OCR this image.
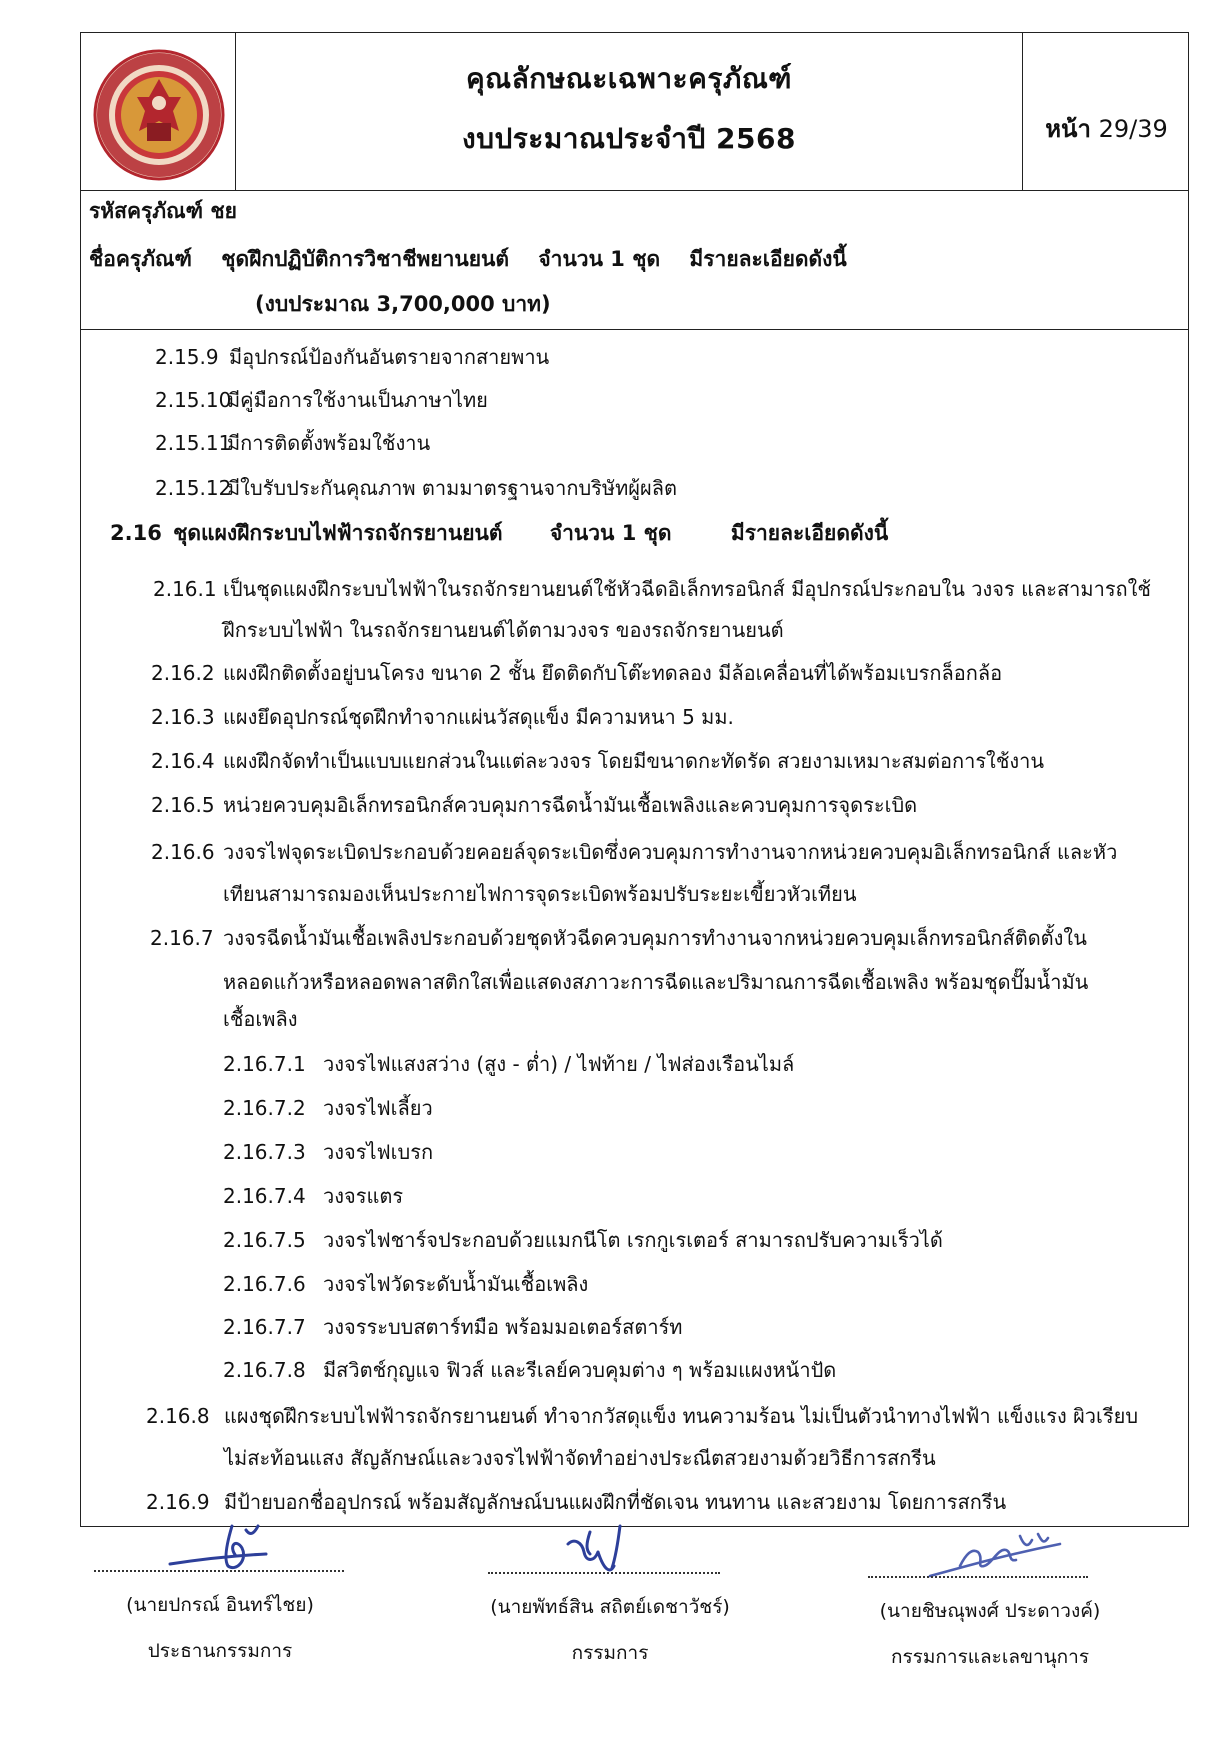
คุณลักษณะเฉพาะครุภัณฑ์
งบประมาณประจำปี 2568	หน้า 29/39
รหัสครุภัณฑ์ ชย
ชื่อครุภัณฑ์ ชุดฝึกปฏิบัติการวิชาชีพยานยนต์ จำนวน 1 ชุด มีรายละเอียดดังนี้
(งบประมาณ 3,700,000 บาท)
2.15.9 มีอุปกรณ์ป้องกันอันตรายจากสายพาน
2.15.10มีคู่มือการใช้งานเป็นภาษาไทย
2.15.11มีการติดตั้งพร้อมใช้งาน
2.15.12มีใบรับประกันคุณภาพ ตามมาตรฐานจากบริษัทผู้ผลิต
2.16 ชุดแผงฝึกระบบไฟฟ้ารถจักรยานยนต์ จำนวน 1 ชุด	มีรายละเอียดดังนี้
2.16.1 เป็นชุดแผงฝึกระบบไฟฟ้าในรถจักรยานยนต์ใช้หัวฉีดอิเล็กทรอนิกส์ มีอุปกรณ์ประกอบใน วงจร และสามารถใช้
ฝึกระบบไฟฟ้า ในรถจักรยานยนต์ได้ตามวงจร ของรถจักรยานยนต์
2.16.2 แผงฝึกติดตั้งอยู่บนโครง ขนาด 2 ชั้น ยึดติดกับโต๊ะทดลอง มีล้อเคลื่อนที่ได้พร้อมเบรกล็อกล้อ
2.16.3 แผงยึดอุปกรณ์ชุดฝึกทำจากแผ่นวัสดุแข็ง มีความหนา 5 มม.
2.16.4 แผงฝึกจัดทำเป็นแบบแยกส่วนในแต่ละวงจร โดยมีขนาดกะทัดรัด สวยงามเหมาะสมต่อการใช้งาน
2.16.5 หน่วยควบคุมอิเล็กทรอนิกส์ควบคุมการฉีดน้ำมันเชื้อเพลิงและควบคุมการจุดระเบิด
2.16.6 วงจรไฟจุดระเบิดประกอบด้วยคอยล์จุดระเบิดซึ่งควบคุมการทำงานจากหน่วยควบคุมอิเล็กทรอนิกส์ และหัว
เทียนสามารถมองเห็นประกายไฟการจุดระเบิดพร้อมปรับระยะเขี้ยวหัวเทียน
2.16.7 วงจรฉีดน้ำมันเชื้อเพลิงประกอบด้วยชุดหัวฉีดควบคุมการทำงานจากหน่วยควบคุมเล็กทรอนิกส์ติดตั้งใน
หลอดแก้วหรือหลอดพลาสติกใสเพื่อแสดงสภาวะการฉีดและปริมาณการฉีดเชื้อเพลิง พร้อมชุดปั๊มน้ำมัน
เชื้อเพลิง
2.16.7.1 วงจรไฟแสงสว่าง (สูง - ต่ำ) / ไฟท้าย / ไฟส่องเรือนไมล์
2.16.7.2 วงจรไฟเลี้ยว
2.16.7.3 วงจรไฟเบรก
2.16.7.4 วงจรแตร
2.16.7.5 วงจรไฟชาร์จประกอบด้วยแมกนีโต เรกกูเรเตอร์ สามารถปรับความเร็วได้
2.16.7.6 วงจรไฟวัดระดับน้ำมันเชื้อเพลิง
2.16.7.7 วงจรระบบสตาร์ทมือ พร้อมมอเตอร์สตาร์ท
2.16.7.8 มีสวิตช์กุญแจ ฟิวส์ และรีเลย์ควบคุมต่าง ๆ พร้อมแผงหน้าปัด
2.16.8 แผงชุดฝึกระบบไฟฟ้ารถจักรยานยนต์ ทำจากวัสดุแข็ง ทนความร้อน ไม่เป็นตัวนำทางไฟฟ้า แข็งแรง ผิวเรียบ
ไม่สะท้อนแสง สัญลักษณ์และวงจรไฟฟ้าจัดทำอย่างประณีตสวยงามด้วยวิธีการสกรีน
2.16.9 มีป้ายบอกชื่ออุปกรณ์ พร้อมสัญลักษณ์บนแผงฝึกที่ชัดเจน ทนทาน และสวยงาม โดยการสกรีน
(นายปกรณ์ อินทร์ไชย)
ประธานกรรมการ
(นายพัทธ์สิน สถิตย์เดชาวัชร์)
กรรมการ
(นายชิษณุพงศ์ ประดาวงค์)
กรรมการและเลขานุการ
